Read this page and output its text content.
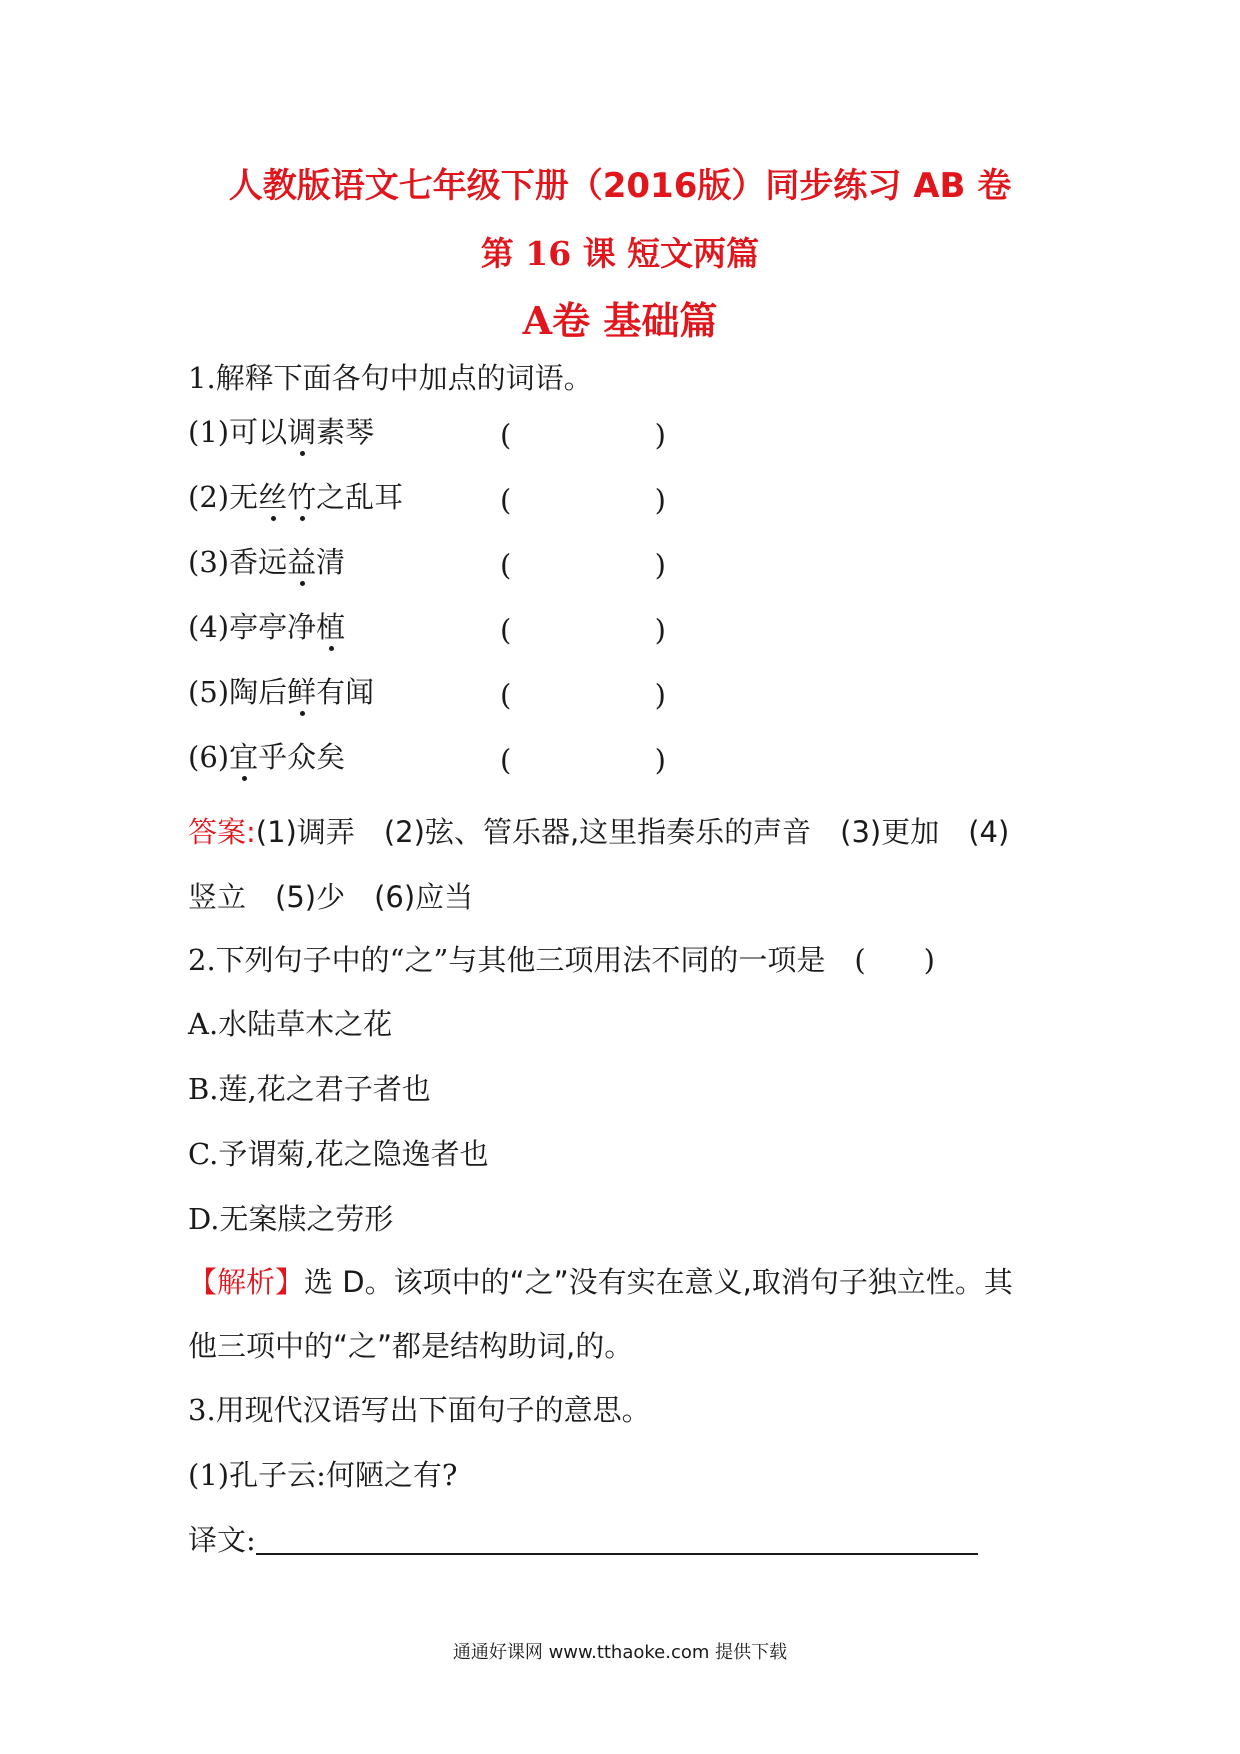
人教版语文七年级下册（2016版）同步练习 AB 卷
第 16 课 短文两篇
A卷 基础篇
1.解释下面各句中加点的词语。
(1)可以调素琴	(	)
(2)无丝竹之乱耳	(	)
(3)香远益清	(	)
(4)亭亭净植	(	)
(5)陶后鲜有闻	(	)
(6)宜乎众矣	(	)
答案:(1)调弄　(2)弦、管乐器,这里指奏乐的声音　(3)更加　(4)
竖立　(5)少　(6)应当
2.下列句子中的“之”与其他三项用法不同的一项是　(　　)
A.水陆草木之花
B.莲,花之君子者也
C.予谓菊,花之隐逸者也
D.无案牍之劳形
【解析】选 D。该项中的“之”没有实在意义,取消句子独立性。其
他三项中的“之”都是结构助词,的。
3.用现代汉语写出下面句子的意思。
(1)孔子云:何陋之有?
译文:
通通好课网 www.tthaoke.com 提供下载
